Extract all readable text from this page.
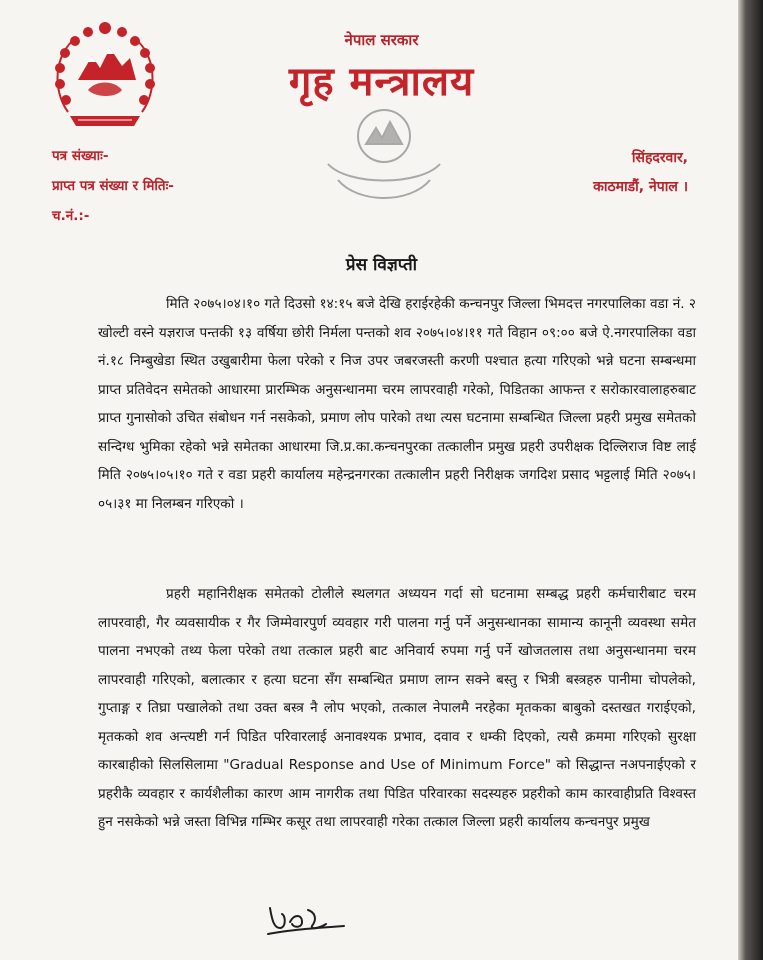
नेपाल सरकार
गृह मन्त्रालय
पत्र संख्याः-
प्राप्त पत्र संख्या र मितिः-
च.नं.:-
सिंहदरवार,
काठमाडौं, नेपाल ।
प्रेस विज्ञप्ती

मिति २०७५।०४।१० गते दिउसो १४:१५ बजे देखि हराईरहेकी कन्चनपुर जिल्ला भिमदत्त नगरपालिका वडा नं. २ खोल्टी वस्ने यज्ञराज पन्तकी १३ वर्षिया छोरी निर्मला पन्तको शव २०७५।०४।११ गते विहान ०९:०० बजे ऐ.नगरपालिका वडा नं.१८ निम्बुखेडा स्थित उखुबारीमा फेला परेको र निज उपर जबरजस्ती करणी पश्चात हत्या गरिएको भन्ने घटना सम्बन्धमा प्राप्त प्रतिवेदन समेतको आधारमा प्रारम्भिक अनुसन्धानमा चरम लापरवाही गरेको, पिडितका आफन्त र सरोकारवालाहरुबाट प्राप्त गुनासोको उचित संबोधन गर्न नसकेको, प्रमाण लोप पारेको तथा त्यस घटनामा सम्बन्धित जिल्ला प्रहरी प्रमुख समेतको सन्दिग्ध भुमिका रहेको भन्ने समेतका आधारमा जि.प्र.का.कन्चनपुरका तत्कालीन प्रमुख प्रहरी उपरीक्षक दिल्लिराज विष्ट लाई मिति २०७५।०५।१० गते र वडा प्रहरी कार्यालय महेन्द्रनगरका तत्कालीन प्रहरी निरीक्षक जगदिश प्रसाद भट्टलाई मिति २०७५।०५।३१ मा निलम्बन गरिएको ।

प्रहरी महानिरीक्षक समेतको टोलीले स्थलगत अध्ययन गर्दा सो घटनामा सम्बद्ध प्रहरी कर्मचारीबाट चरम लापरवाही, गैर व्यवसायीक र गैर जिम्मेवारपुर्ण व्यवहार गरी पालना गर्नु पर्ने अनुसन्धानका सामान्य कानूनी व्यवस्था समेत पालना नभएको तथ्य फेला परेको तथा तत्काल प्रहरी बाट अनिवार्य रुपमा गर्नु पर्ने खोजतलास तथा अनुसन्धानमा चरम लापरवाही गरिएको, बलात्कार र हत्या घटना सँग सम्बन्धित प्रमाण लाग्न सक्ने बस्तु र भित्री बस्त्रहरु पानीमा चोपलेको, गुप्ताङ्ग र तिघ्रा पखालेको तथा उक्त बस्त्र नै लोप भएको, तत्काल नेपालमै नरहेका मृतकका बाबुको दस्तखत गराईएको, मृतकको शव अन्त्यष्टी गर्न पिडित परिवारलाई अनावश्यक प्रभाव, दवाव र धम्की दिएको, त्यसै क्रममा गरिएको सुरक्षा कारबाहीको सिलसिलामा "Gradual Response and Use of Minimum Force" को सिद्धान्त नअपनाईएको र प्रहरीकै व्यवहार र कार्यशैलीका कारण आम नागरीक तथा पिडित परिवारका सदस्यहरु प्रहरीको काम कारवाहीप्रति विश्वस्त हुन नसकेको भन्ने जस्ता विभिन्न गम्भिर कसूर तथा लापरवाही गरेका तत्काल जिल्ला प्रहरी कार्यालय कन्चनपुर प्रमुख
